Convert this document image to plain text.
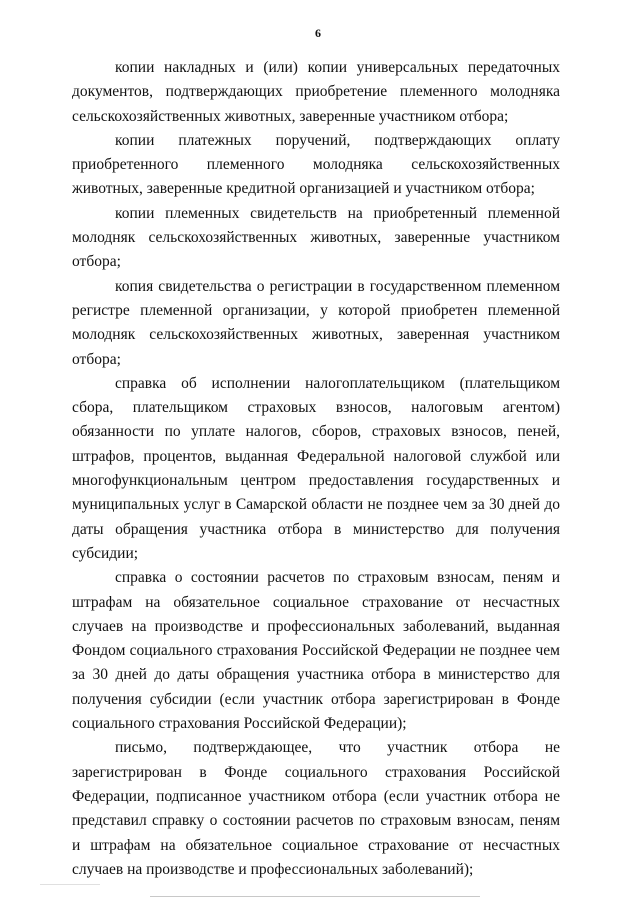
6

копии накладных и (или) копии универсальных передаточных документов, подтверждающих приобретение племенного молодняка сельскохозяйственных животных, заверенные участником отбора;

копии платежных поручений, подтверждающих оплату приобретенного племенного молодняка сельскохозяйственных животных, заверенные кредитной организацией и участником отбора;

копии племенных свидетельств на приобретенный племенной молодняк сельскохозяйственных животных, заверенные участником отбора;

копия свидетельства о регистрации в государственном племенном регистре племенной организации, у которой приобретен племенной молодняк сельскохозяйственных животных, заверенная участником отбора;

справка об исполнении налогоплательщиком (плательщиком сбора, плательщиком страховых взносов, налоговым агентом) обязанности по уплате налогов, сборов, страховых взносов, пеней, штрафов, процентов, выданная Федеральной налоговой службой или многофункциональным центром предоставления государственных и муниципальных услуг в Самарской области не позднее чем за 30 дней до даты обращения участника отбора в министерство для получения субсидии;

справка о состоянии расчетов по страховым взносам, пеням и штрафам на обязательное социальное страхование от несчастных случаев на производстве и профессиональных заболеваний, выданная Фондом социального страхования Российской Федерации не позднее чем за 30 дней до даты обращения участника отбора в министерство для получения субсидии (если участник отбора зарегистрирован в Фонде социального страхования Российской Федерации);

письмо, подтверждающее, что участник отбора не зарегистрирован в Фонде социального страхования Российской Федерации, подписанное участником отбора (если участник отбора не представил справку о состоянии расчетов по страховым взносам, пеням и штрафам на обязательное социальное страхование от несчастных случаев на производстве и профессиональных заболеваний);
